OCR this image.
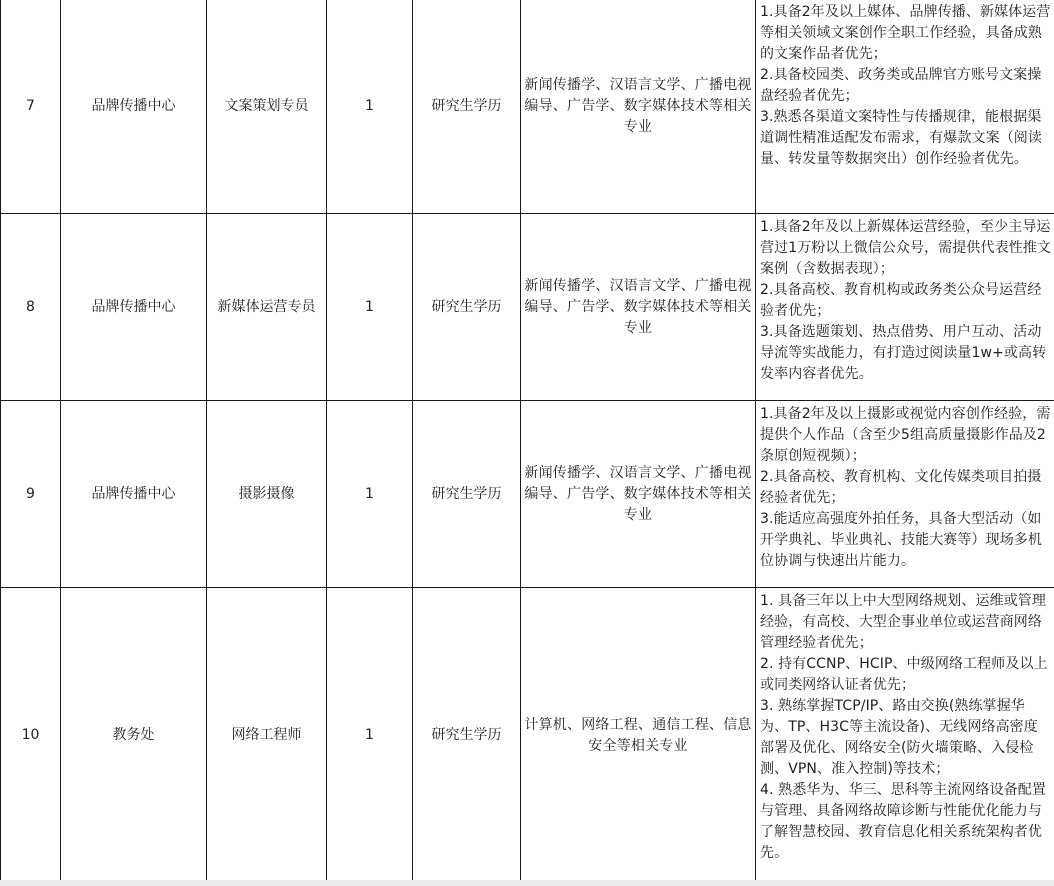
7	品牌传播中心	文案策划专员	1	研究生学历	新闻传播学、汉语言文学、广播电视编导、广告学、数字媒体技术等相关专业	1.具备2年及以上媒体、品牌传播、新媒体运营等相关领域文案创作全职工作经验，具备成熟的文案作品者优先；
2.具备校园类、政务类或品牌官方账号文案操盘经验者优先；
3.熟悉各渠道文案特性与传播规律，能根据渠道调性精准适配发布需求，有爆款文案（阅读量、转发量等数据突出）创作经验者优先。

8	品牌传播中心	新媒体运营专员	1	研究生学历	新闻传播学、汉语言文学、广播电视编导、广告学、数字媒体技术等相关专业	1.具备2年及以上新媒体运营经验，至少主导运营过1万粉以上微信公众号，需提供代表性推文案例（含数据表现）；
2.具备高校、教育机构或政务类公众号运营经验者优先；
3.具备选题策划、热点借势、用户互动、活动导流等实战能力，有打造过阅读量1w+或高转发率内容者优先。

9	品牌传播中心	摄影摄像	1	研究生学历	新闻传播学、汉语言文学、广播电视编导、广告学、数字媒体技术等相关专业	1.具备2年及以上摄影或视觉内容创作经验，需提供个人作品（含至少5组高质量摄影作品及2条原创短视频）；
2.具备高校、教育机构、文化传媒类项目拍摄经验者优先；
3.能适应高强度外拍任务，具备大型活动（如开学典礼、毕业典礼、技能大赛等）现场多机位协调与快速出片能力。

10	教务处	网络工程师	1	研究生学历	计算机、网络工程、通信工程、信息安全等相关专业	1. 具备三年以上中大型网络规划、运维或管理经验，有高校、大型企事业单位或运营商网络管理经验者优先；
2. 持有CCNP、HCIP、中级网络工程师及以上或同类网络认证者优先；
3. 熟练掌握TCP/IP、路由交换(熟练掌握华为、TP、H3C等主流设备)、无线网络高密度部署及优化、网络安全(防火墙策略、入侵检测、VPN、准入控制)等技术；
4. 熟悉华为、华三、思科等主流网络设备配置与管理、具备网络故障诊断与性能优化能力与了解智慧校园、教育信息化相关系统架构者优先。
